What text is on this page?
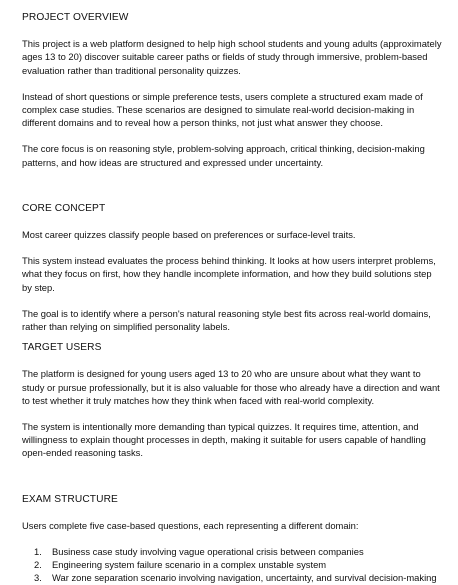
PROJECT OVERVIEW

This project is a web platform designed to help high school students and young adults (approximately ages 13 to 20) discover suitable career paths or fields of study through immersive, problem-based evaluation rather than traditional personality quizzes.

Instead of short questions or simple preference tests, users complete a structured exam made of complex case studies. These scenarios are designed to simulate real-world decision-making in different domains and to reveal how a person thinks, not just what answer they choose.

The core focus is on reasoning style, problem-solving approach, critical thinking, decision-making patterns, and how ideas are structured and expressed under uncertainty.

CORE CONCEPT

Most career quizzes classify people based on preferences or surface-level traits.

This system instead evaluates the process behind thinking. It looks at how users interpret problems, what they focus on first, how they handle incomplete information, and how they build solutions step by step.

The goal is to identify where a person's natural reasoning style best fits across real-world domains, rather than relying on simplified personality labels.

TARGET USERS

The platform is designed for young users aged 13 to 20 who are unsure about what they want to study or pursue professionally, but it is also valuable for those who already have a direction and want to test whether it truly matches how they think when faced with real-world complexity.

The system is intentionally more demanding than typical quizzes. It requires time, attention, and willingness to explain thought processes in depth, making it suitable for users capable of handling open-ended reasoning tasks.

EXAM STRUCTURE

Users complete five case-based questions, each representing a different domain:

1. Business case study involving vague operational crisis between companies
2. Engineering system failure scenario in a complex unstable system
3. War zone separation scenario involving navigation, uncertainty, and survival decision-making
